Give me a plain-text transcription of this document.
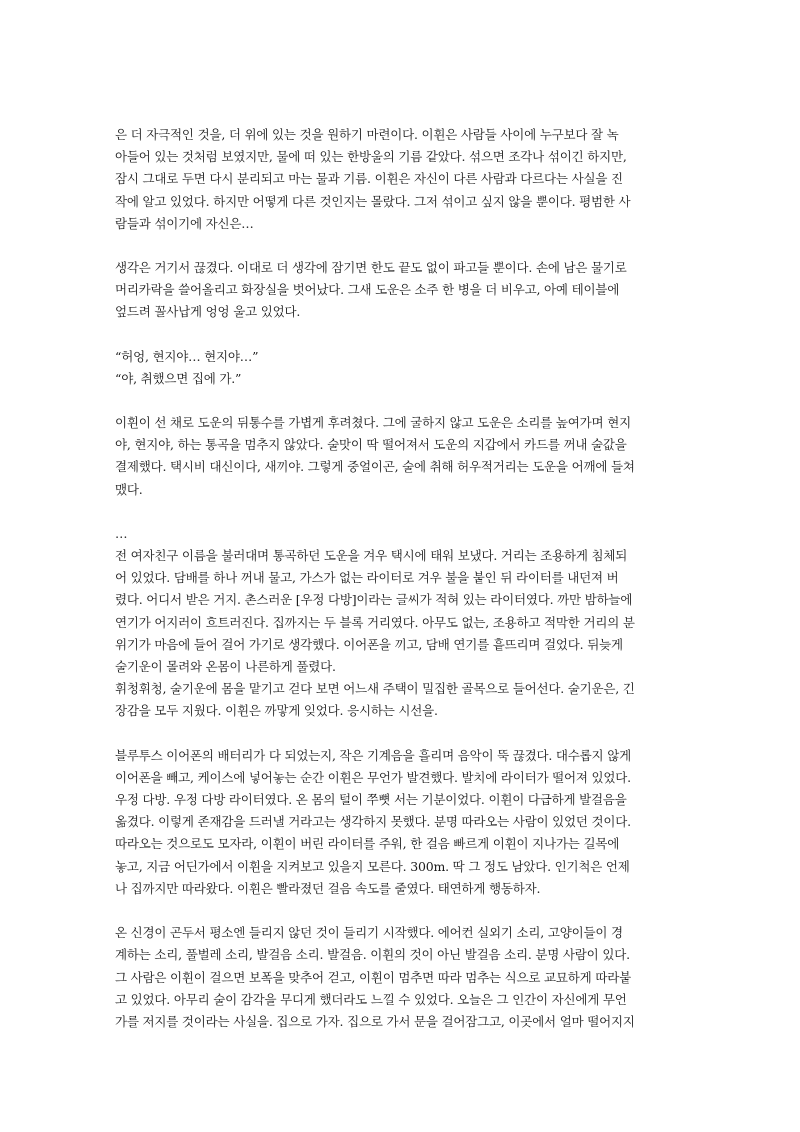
은 더 자극적인 것을, 더 위에 있는 것을 원하기 마련이다. 이휜은 사람들 사이에 누구보다 잘 녹
아들어 있는 것처럼 보였지만, 물에 떠 있는 한방울의 기름 같았다. 섞으면 조각나 섞이긴 하지만,
잠시 그대로 두면 다시 분리되고 마는 물과 기름. 이휜은 자신이 다른 사람과 다르다는 사실을 진
작에 알고 있었다. 하지만 어떻게 다른 것인지는 몰랐다. 그저 섞이고 싶지 않을 뿐이다. 평범한 사
람들과 섞이기에 자신은…

생각은 거기서 끊겼다. 이대로 더 생각에 잠기면 한도 끝도 없이 파고들 뿐이다. 손에 남은 물기로
머리카락을 쓸어올리고 화장실을 벗어났다. 그새 도운은 소주 한 병을 더 비우고, 아예 테이블에
엎드려 꼴사납게 엉엉 울고 있었다.

“허엉, 현지야… 현지야…”
“야, 취했으면 집에 가.”

이휜이 선 채로 도운의 뒤통수를 가볍게 후려쳤다. 그에 굴하지 않고 도운은 소리를 높여가며 현지
야, 현지야, 하는 통곡을 멈추지 않았다. 술맛이 딱 떨어져서 도운의 지갑에서 카드를 꺼내 술값을
결제했다. 택시비 대신이다, 새끼야. 그렇게 중얼이곤, 술에 취해 허우적거리는 도운을 어깨에 들쳐
맸다.

…
전 여자친구 이름을 불러대며 통곡하던 도운을 겨우 택시에 태워 보냈다. 거리는 조용하게 침체되
어 있었다. 담배를 하나 꺼내 물고, 가스가 없는 라이터로 겨우 불을 붙인 뒤 라이터를 내던져 버
렸다. 어디서 받은 거지. 촌스러운 [우정 다방]이라는 글씨가 적혀 있는 라이터였다. 까만 밤하늘에
연기가 어지러이 흐트러진다. 집까지는 두 블록 거리였다. 아무도 없는, 조용하고 적막한 거리의 분
위기가 마음에 들어 걸어 가기로 생각했다. 이어폰을 끼고, 담배 연기를 흩뜨리며 걸었다. 뒤늦게
술기운이 몰려와 온몸이 나른하게 풀렸다.
휘청휘청, 술기운에 몸을 맡기고 걷다 보면 어느새 주택이 밀집한 골목으로 들어선다. 술기운은, 긴
장감을 모두 지웠다. 이휜은 까맣게 잊었다. 응시하는 시선을.

블루투스 이어폰의 배터리가 다 되었는지, 작은 기계음을 흘리며 음악이 뚝 끊겼다. 대수롭지 않게
이어폰을 빼고, 케이스에 넣어놓는 순간 이휜은 무언가 발견했다. 발치에 라이터가 떨어져 있었다.
우정 다방. 우정 다방 라이터였다. 온 몸의 털이 쭈뼛 서는 기분이었다. 이휜이 다급하게 발걸음을
옮겼다. 이렇게 존재감을 드러낼 거라고는 생각하지 못했다. 분명 따라오는 사람이 있었던 것이다.
따라오는 것으로도 모자라, 이휜이 버린 라이터를 주워, 한 걸음 빠르게 이휜이 지나가는 길목에
놓고, 지금 어딘가에서 이휜을 지켜보고 있을지 모른다. 300m. 딱 그 정도 남았다. 인기척은 언제
나 집까지만 따라왔다. 이휜은 빨라졌던 걸음 속도를 줄였다. 태연하게 행동하자.

온 신경이 곤두서 평소엔 들리지 않던 것이 들리기 시작했다. 에어컨 실외기 소리, 고양이들이 경
계하는 소리, 풀벌레 소리, 발걸음 소리. 발걸음. 이휜의 것이 아닌 발걸음 소리. 분명 사람이 있다.
그 사람은 이휜이 걸으면 보폭을 맞추어 걷고, 이휜이 멈추면 따라 멈추는 식으로 교묘하게 따라붙
고 있었다. 아무리 술이 감각을 무디게 했더라도 느낄 수 있었다. 오늘은 그 인간이 자신에게 무언
가를 저지를 것이라는 사실을. 집으로 가자. 집으로 가서 문을 걸어잠그고, 이곳에서 얼마 떨어지지
